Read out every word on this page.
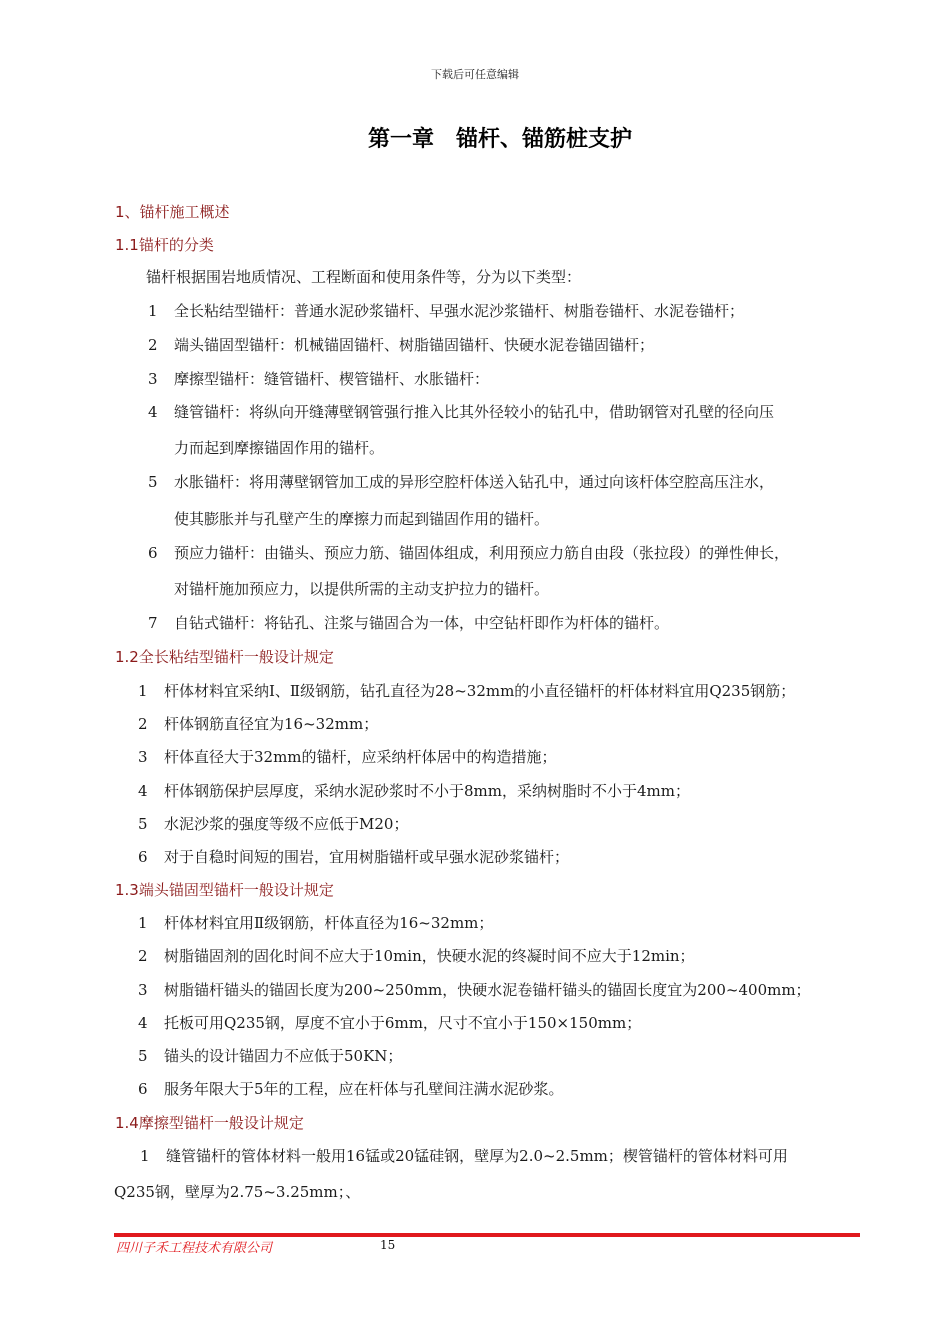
下载后可任意编辑
第一章　锚杆、锚筋桩支护
1、锚杆施工概述
1.1锚杆的分类
锚杆根据围岩地质情况、工程断面和使用条件等，分为以下类型：
1 全长粘结型锚杆：普通水泥砂浆锚杆、早强水泥沙浆锚杆、树脂卷锚杆、水泥卷锚杆；
2 端头锚固型锚杆：机械锚固锚杆、树脂锚固锚杆、快硬水泥卷锚固锚杆；
3 摩擦型锚杆：缝管锚杆、楔管锚杆、水胀锚杆：
4 缝管锚杆：将纵向开缝薄壁钢管强行推入比其外径较小的钻孔中，借助钢管对孔壁的径向压
力而起到摩擦锚固作用的锚杆。
5 水胀锚杆：将用薄壁钢管加工成的异形空腔杆体送入钻孔中，通过向该杆体空腔高压注水，
使其膨胀并与孔壁产生的摩擦力而起到锚固作用的锚杆。
6 预应力锚杆：由锚头、预应力筋、锚固体组成，利用预应力筋自由段（张拉段）的弹性伸长，
对锚杆施加预应力，以提供所需的主动支护拉力的锚杆。
7 自钻式锚杆：将钻孔、注浆与锚固合为一体，中空钻杆即作为杆体的锚杆。
1.2全长粘结型锚杆一般设计规定
1 杆体材料宜采纳Ⅰ、Ⅱ级钢筋，钻孔直径为28~32mm的小直径锚杆的杆体材料宜用Q235钢筋；
2 杆体钢筋直径宜为16~32mm；
3 杆体直径大于32mm的锚杆，应采纳杆体居中的构造措施；
4 杆体钢筋保护层厚度，采纳水泥砂浆时不小于8mm，采纳树脂时不小于4mm；
5 水泥沙浆的强度等级不应低于M20；
6 对于自稳时间短的围岩，宜用树脂锚杆或早强水泥砂浆锚杆；
1.3端头锚固型锚杆一般设计规定
1 杆体材料宜用Ⅱ级钢筋，杆体直径为16~32mm；
2 树脂锚固剂的固化时间不应大于10min，快硬水泥的终凝时间不应大于12min；
3 树脂锚杆锚头的锚固长度为200~250mm，快硬水泥卷锚杆锚头的锚固长度宜为200~400mm；
4 托板可用Q235钢，厚度不宜小于6mm，尺寸不宜小于150×150mm；
5 锚头的设计锚固力不应低于50KN；
6 服务年限大于5年的工程，应在杆体与孔壁间注满水泥砂浆。
1.4摩擦型锚杆一般设计规定
1 缝管锚杆的管体材料一般用16锰或20锰硅钢，壁厚为2.0~2.5mm；楔管锚杆的管体材料可用
Q235钢，壁厚为2.75~3.25mm；、
四川子禾工程技术有限公司	15
